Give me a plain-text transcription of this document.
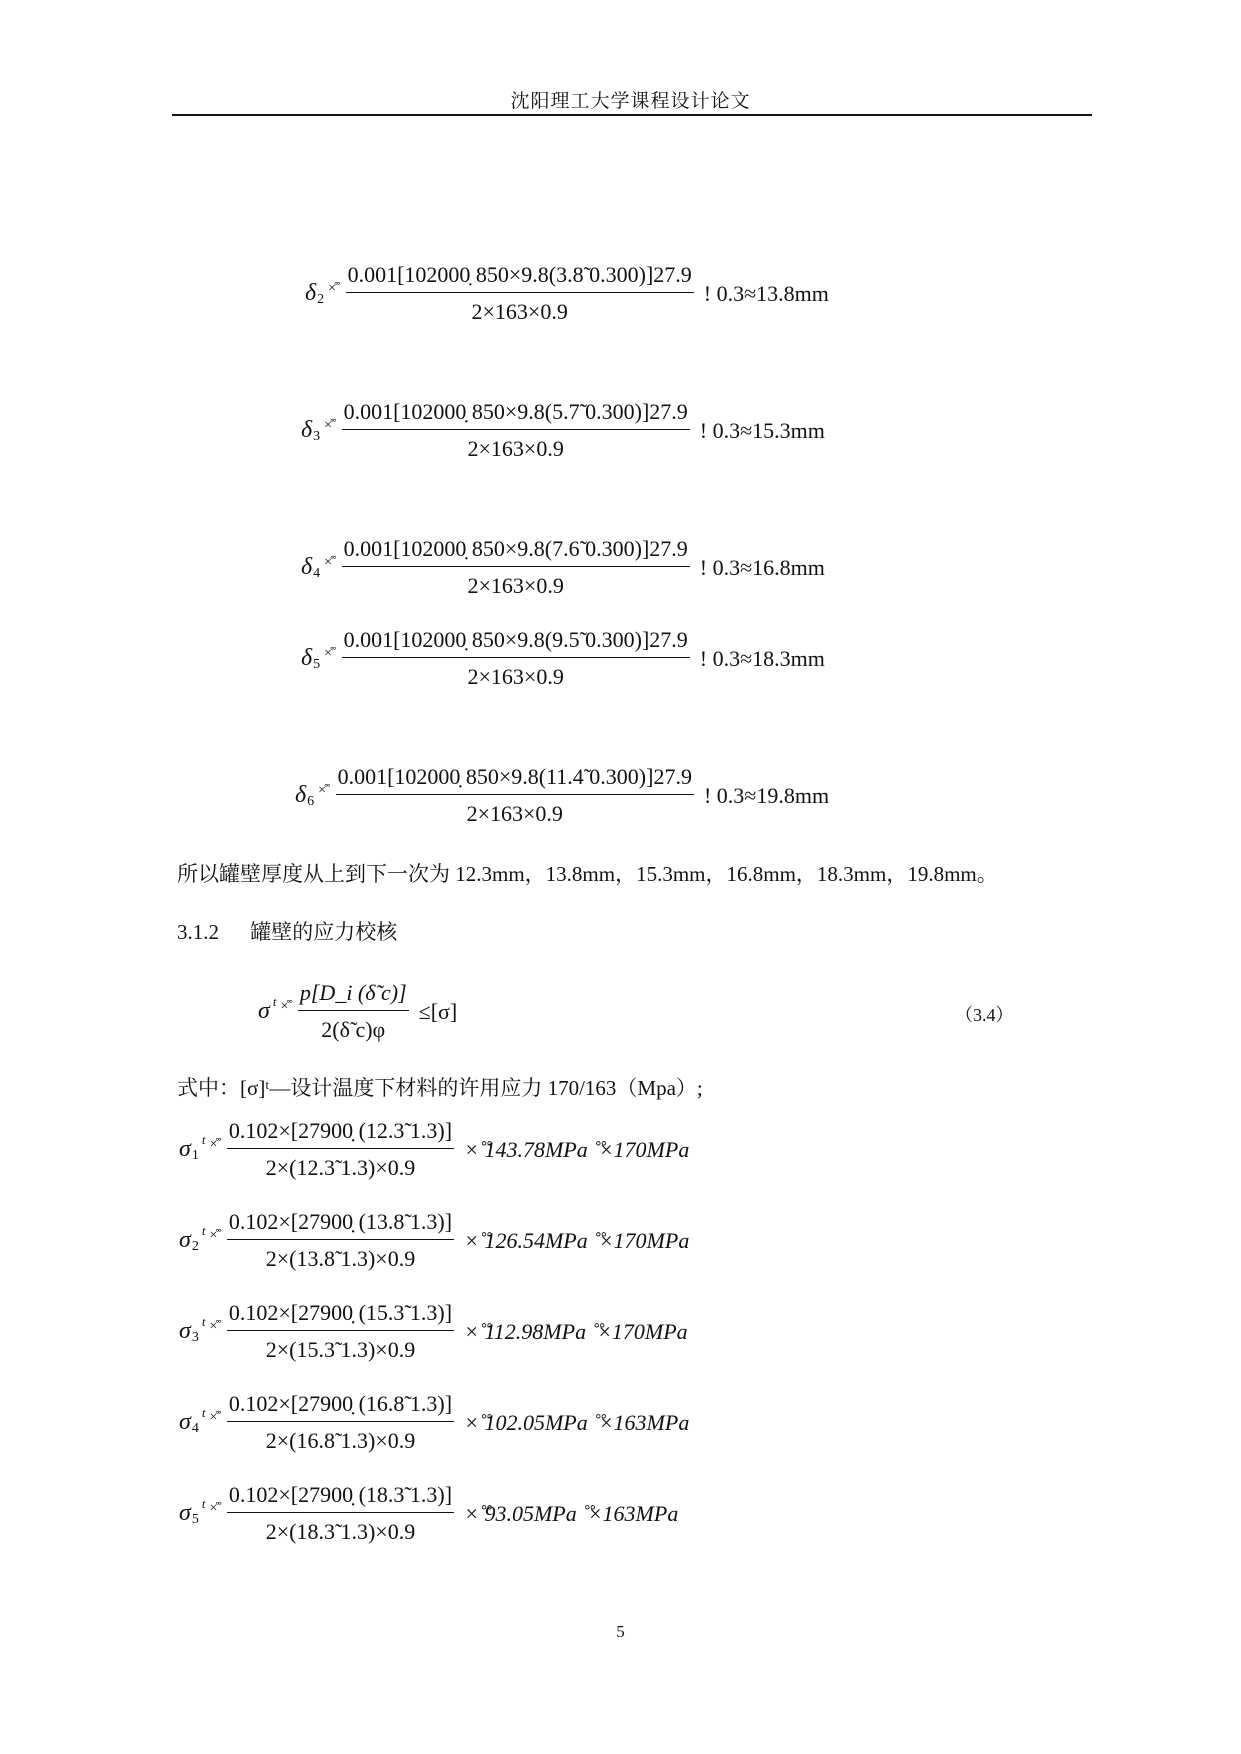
沈阳理工大学课程设计论文
δ 2
×̊ ̊ $\frac{0.001[102000̣ 850\times 9.8(3.8̃ 0.300)]27.9}{2\times 163\times 0.9}$ ! 0.3≈13.8mm
δ 3
×̊ ̊ $\frac{0.001[102000̣ 850\times 9.8(5.7̃ 0.300)]27.9}{2\times 163\times 0.9}$ ! 0.3≈15.3mm
δ 4
×̊ ̊ $\frac{0.001[102000̣ 850\times 9.8(7.6̃ 0.300)]27.9}{2\times 163\times 0.9}$ ! 0.3≈16.8mm
δ 5
×̊ ̊ $\frac{0.001[102000̣ 850\times 9.8(9.5̃ 0.300)]27.9}{2\times 163\times 0.9}$ ! 0.3≈18.3mm
δ 6
×̊ ̊ $\frac{0.001[102000̣ 850\times 9.8(11.4̃ 0.300)]27.9}{2\times 163\times 0.9}$ ! 0.3≈19.8mm
所以罐壁厚度从上到下一次为 12.3mm，13.8mm，15.3mm，16.8mm，18.3mm，19.8mm。
3.1.2 罐壁的应力校核
σ t ×̊ ̊ $\frac{p[D\_i (\deltã c)]}{2(\deltã c)\varphi} \le[\sigma]$	（3.4）
式中：[σ]ᵗ—设计温度下材料的许用应力 170/163（Mpa）;
σ 1
t ×̊ ̊ $\frac{0.102\times[27900̣ (12.3̃ 1.3)]}{2\times(12.3̃ 1.3)\times 0.9}$ ×̊ ̊143.78MPa ̊ ̊×170MPa
σ 2
t ×̊ ̊ $\frac{0.102\times[27900̣ (13.8̃ 1.3)]}{2\times(13.8̃ 1.3)\times 0.9}$ ×̊ ̊126.54MPa ̊ ̊×170MPa
σ 3
t ×̊ ̊ $\frac{0.102\times[27900̣ (15.3̃ 1.3)]}{2\times(15.3̃ 1.3)\times 0.9}$ ×̊ ̊112.98MPa ̊ ̊×170MPa
σ 4
t ×̊ ̊ $\frac{0.102\times[27900̣ (16.8̃ 1.3)]}{2\times(16.8̃ 1.3)\times 0.9}$ ×̊ ̊102.05MPa ̊ ̊×163MPa
σ 5
t ×̊ ̊ $\frac{0.102\times[27900̣ (18.3̃ 1.3)]}{2\times(18.3̃ 1.3)\times 0.9}$ ×̊ ̊93.05MPa ̊ ̊×163MPa
5
